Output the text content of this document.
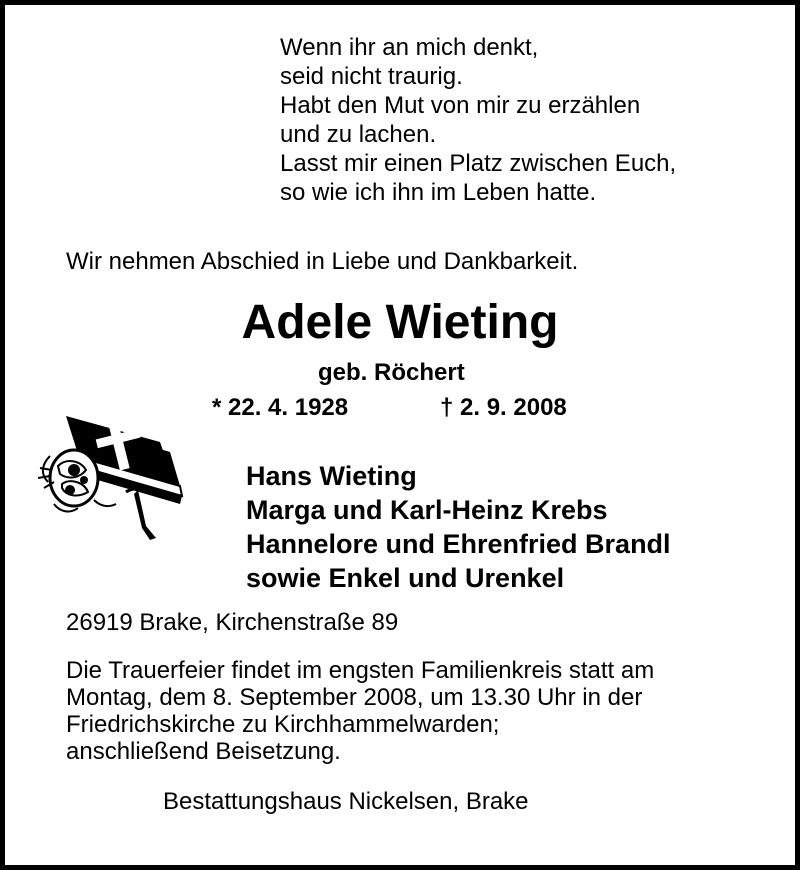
Wenn ihr an mich denkt,
seid nicht traurig.
Habt den Mut von mir zu erzählen
und zu lachen.
Lasst mir einen Platz zwischen Euch,
so wie ich ihn im Leben hatte.
Wir nehmen Abschied in Liebe und Dankbarkeit.
Adele Wieting
geb. Röchert
* 22. 4. 1928	† 2. 9. 2008
Hans Wieting
Marga und Karl-Heinz Krebs
Hannelore und Ehrenfried Brandl
sowie Enkel und Urenkel
26919 Brake, Kirchenstraße 89
Die Trauerfeier findet im engsten Familienkreis statt am
Montag, dem 8. September 2008, um 13.30 Uhr in der
Friedrichskirche zu Kirchhammelwarden;
anschließend Beisetzung.
Bestattungshaus Nickelsen, Brake
